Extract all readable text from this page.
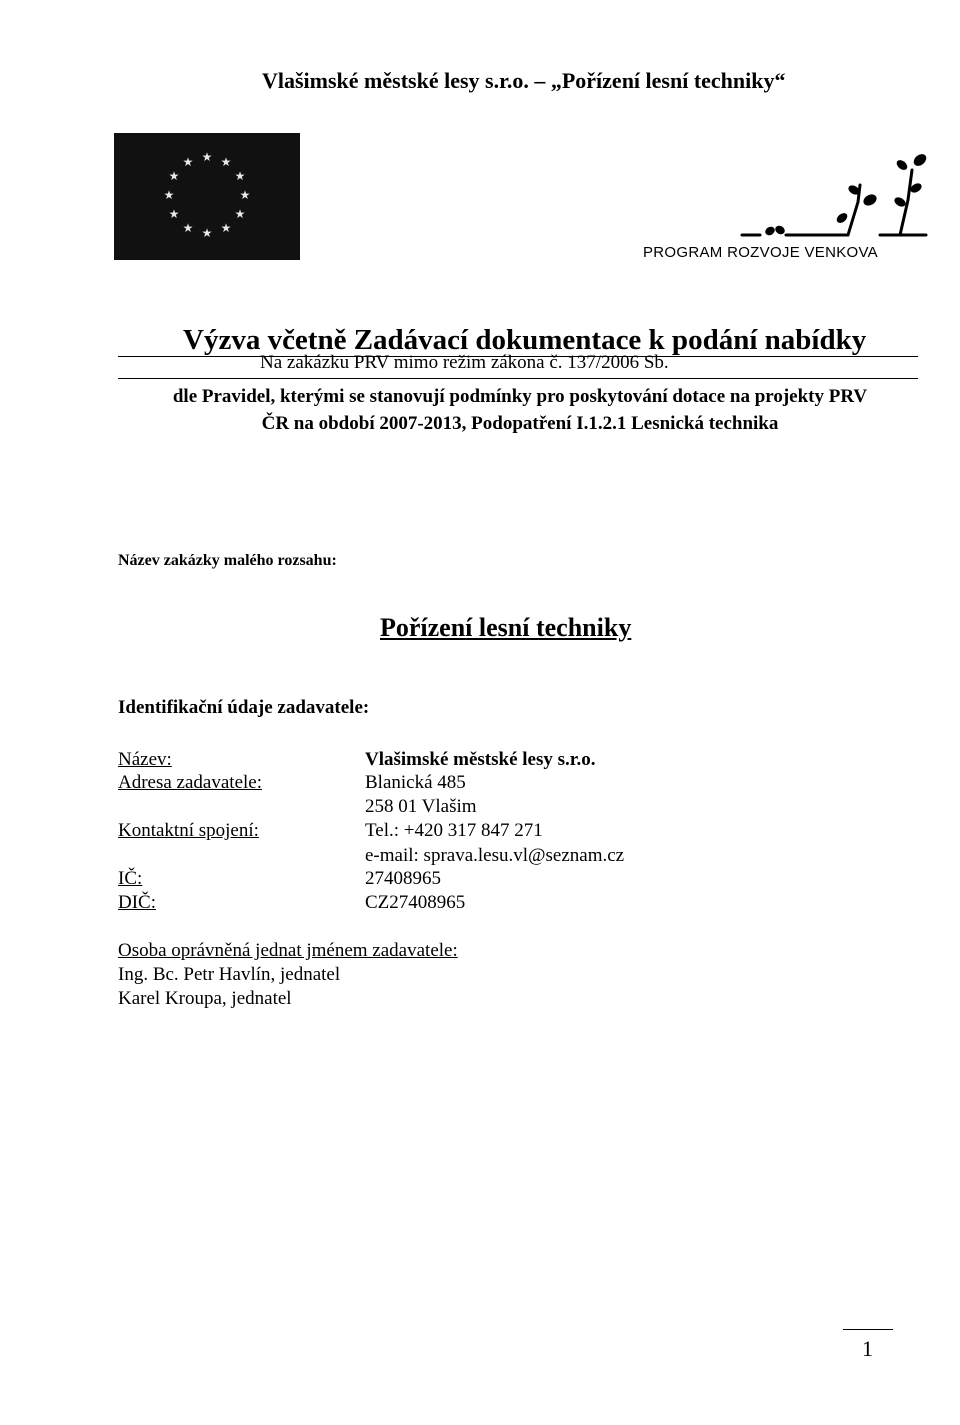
Vlašimské městské lesy s.r.o. – „Pořízení lesní techniky“
★ ★
★
★
★
★
★
★
★
★
★
★
PROGRAM ROZVOJE VENKOVA
Výzva včetně Zadávací dokumentace k podání nabídky
Na zakázku PRV mimo režim zákona č. 137/2006 Sb.
dle Pravidel, kterými se stanovují podmínky pro poskytování dotace na projekty PRV
ČR na období 2007-2013, Podopatření I.1.2.1 Lesnická technika
Název zakázky malého rozsahu:
Pořízení lesní techniky
Identifikační údaje zadavatele:
Název:	Vlašimské městské lesy s.r.o.
Adresa zadavatele:	Blanická 485
258 01 Vlašim
Kontaktní spojení:	Tel.: +420 317 847 271
e-mail: sprava.lesu.vl@seznam.cz
IČ:	27408965
DIČ:	CZ27408965
Osoba oprávněná jednat jménem zadavatele:
Ing. Bc. Petr Havlín, jednatel
Karel Kroupa, jednatel
1
